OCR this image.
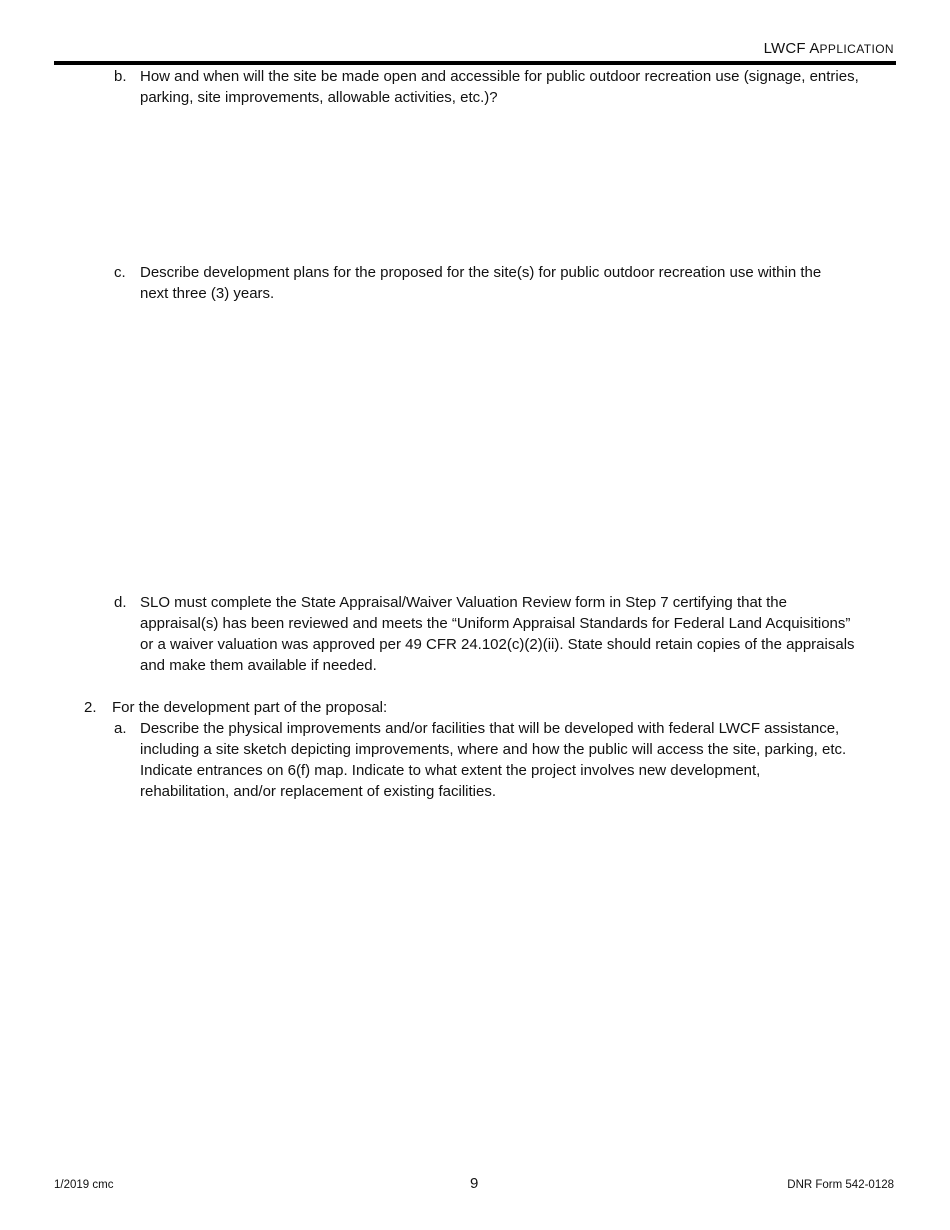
LWCF APPLICATION
b. How and when will the site be made open and accessible for public outdoor recreation use (signage, entries,
parking, site improvements, allowable activities, etc.)?
c. Describe development plans for the proposed for the site(s) for public outdoor recreation use within the
next three (3) years.
d. SLO must complete the State Appraisal/Waiver Valuation Review form in Step 7 certifying that the
appraisal(s) has been reviewed and meets the “Uniform Appraisal Standards for Federal Land Acquisitions”
or a waiver valuation was approved per 49 CFR 24.102(c)(2)(ii). State should retain copies of the appraisals
and make them available if needed.
2. For the development part of the proposal:
a. Describe the physical improvements and/or facilities that will be developed with federal LWCF assistance,
including a site sketch depicting improvements, where and how the public will access the site, parking, etc.
Indicate entrances on 6(f) map. Indicate to what extent the project involves new development,
rehabilitation, and/or replacement of existing facilities.
1/2019 cmc	9	DNR Form 542-0128
